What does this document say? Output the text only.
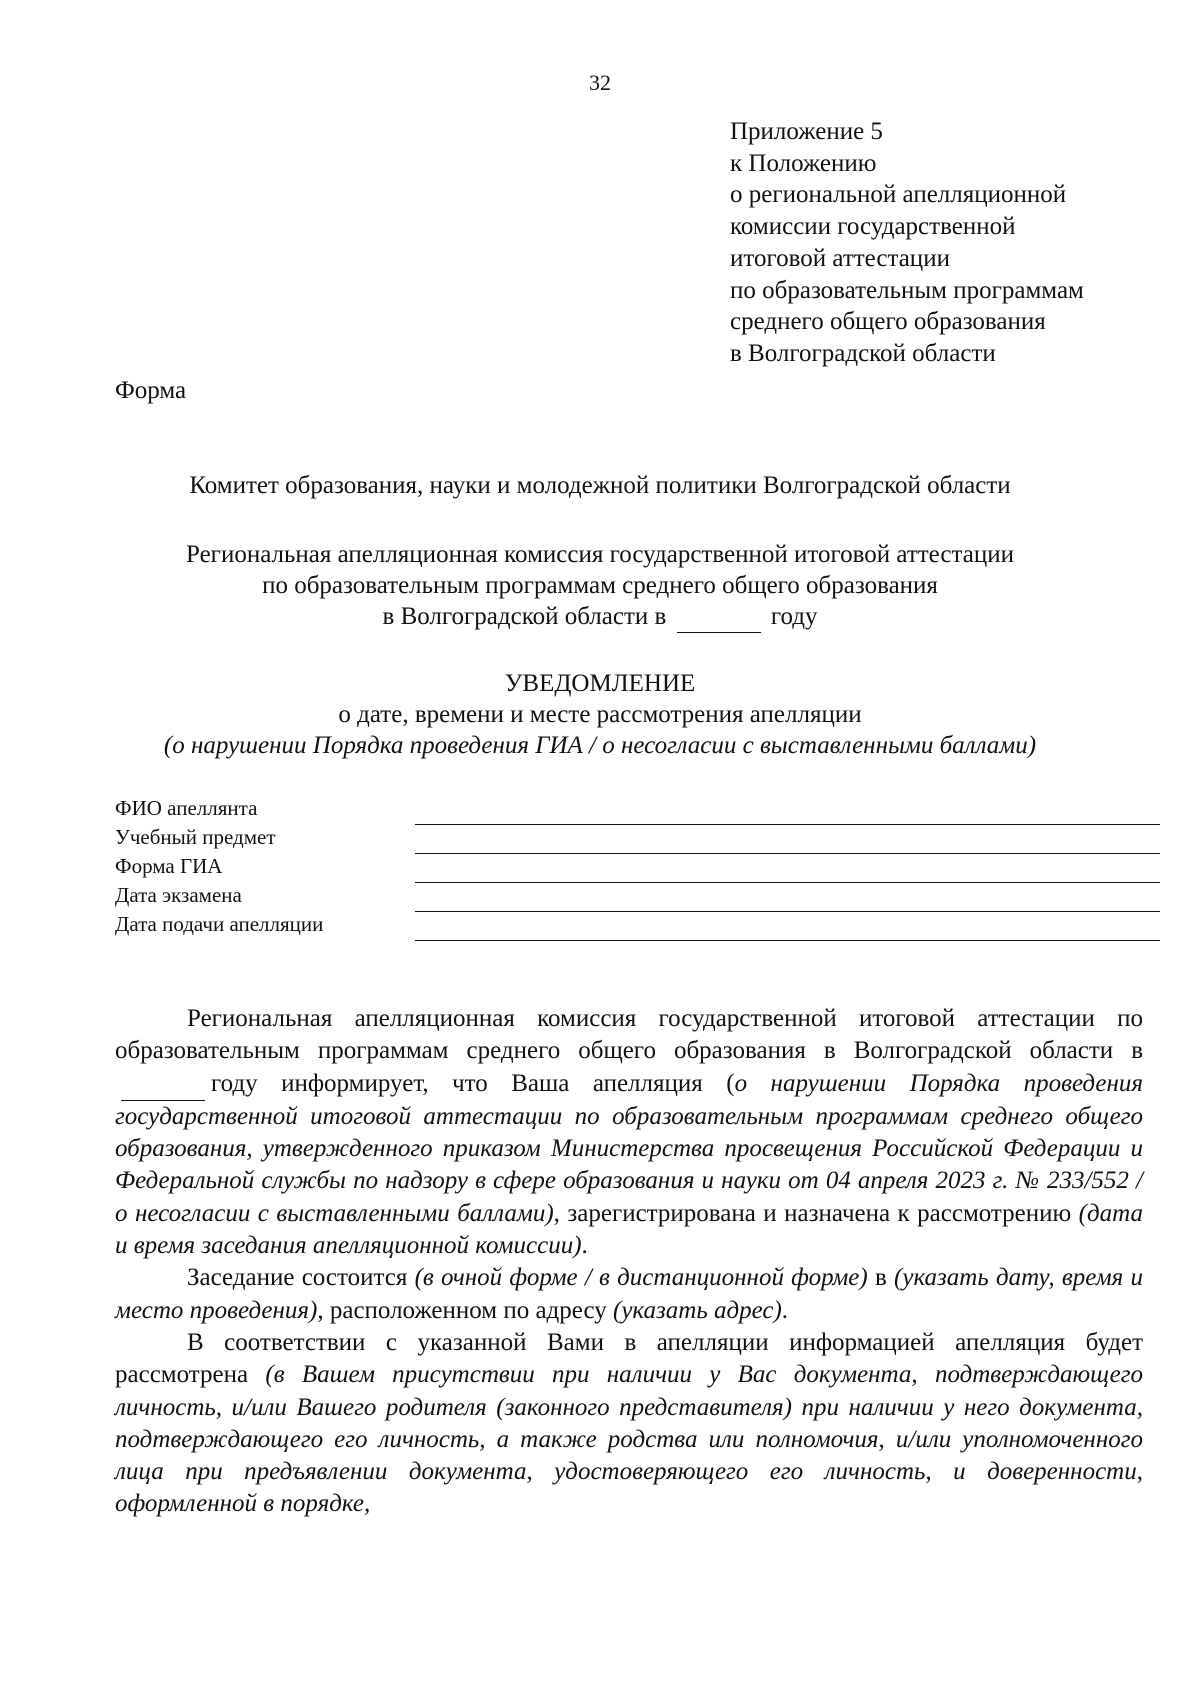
32
Приложение 5
к Положению
о региональной апелляционной
комиссии государственной
итоговой аттестации
по образовательным программам
среднего общего образования
в Волгоградской области
Форма
Комитет образования, науки и молодежной политики Волгоградской области
Региональная апелляционная комиссия государственной итоговой аттестации
по образовательным программам среднего общего образования
в Волгоградской области в	году
УВЕДОМЛЕНИЕ
о дате, времени и месте рассмотрения апелляции
(о нарушении Порядка проведения ГИА / о несогласии с выставленными баллами)
ФИО апеллянта
Учебный предмет
Форма ГИА
Дата экзамена
Дата подачи апелляции

Региональная апелляционная комиссия государственной итоговой аттестации по образовательным программам среднего общего образования в Волгоградской области в году информирует, что Ваша апелляция (о нарушении Порядка проведения государственной итоговой аттестации по образовательным программам среднего общего образования, утвержденного приказом Министерства просвещения Российской Федерации и Федеральной службы по надзору в сфере образования и науки от 04 апреля 2023 г. № 233/552 / о несогласии с выставленными баллами), зарегистрирована и назначена к рассмотрению (дата и время заседания апелляционной комиссии).

Заседание состоится (в очной форме / в дистанционной форме) в (указать дату, время и место проведения), расположенном по адресу (указать адрес).

В соответствии с указанной Вами в апелляции информацией апелляция будет рассмотрена (в Вашем присутствии при наличии у Вас документа, подтверждающего личность, и/или Вашего родителя (законного представителя) при наличии у него документа, подтверждающего его личность, а также родства или полномочия, и/или уполномоченного лица при предъявлении документа, удостоверяющего его личность, и доверенности, оформленной в порядке,
